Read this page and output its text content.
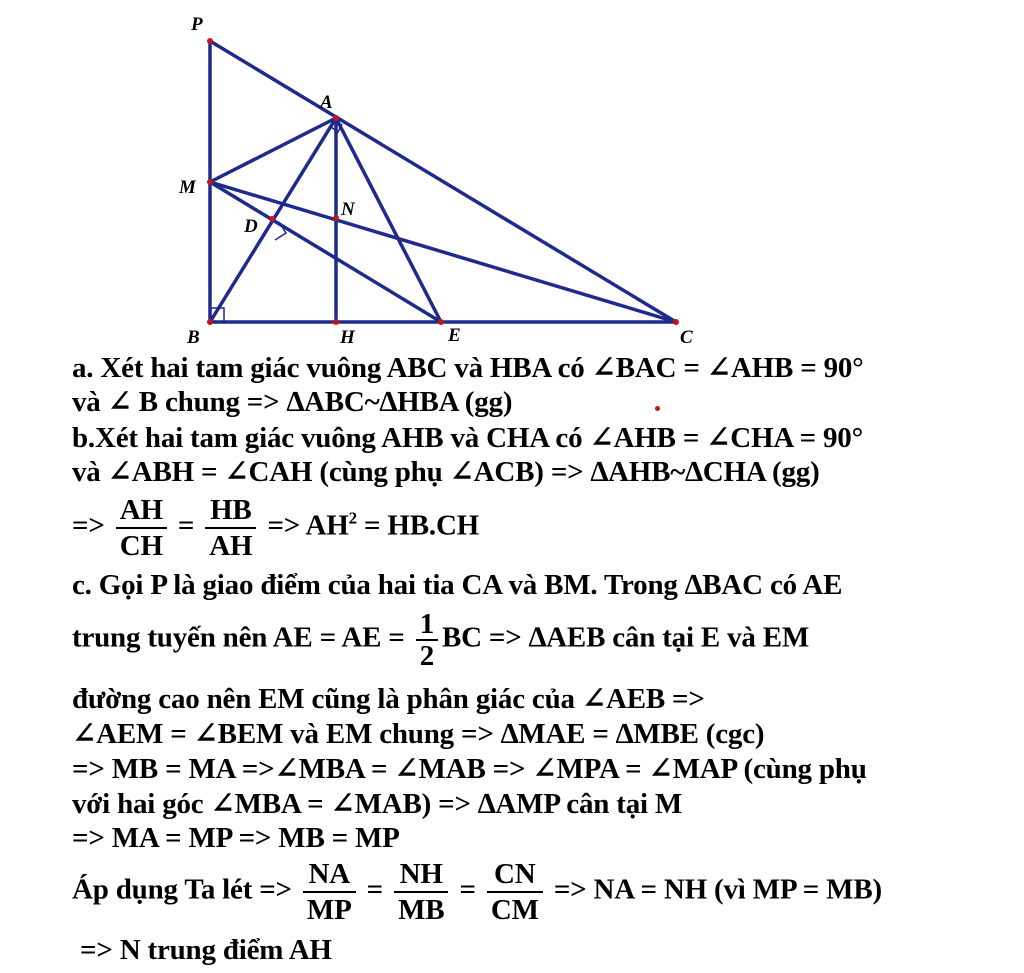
P
A
M
N
D
B	H	E	C
a. Xét hai tam giác vuông ABC và HBA có ∠BAC = ∠AHB = 90°
và ∠ B chung => ∆ABC~∆HBA (gg)
b.Xét hai tam giác vuông AHB và CHA có ∠AHB = ∠CHA = 90°
và ∠ABH = ∠CAH (cùng phụ ∠ACB) => ∆AHB~∆CHA (gg)
=> $\frac{AH}{CH} = \frac{HB}{AH} => AH^2 = HB.CH$
c. Gọi P là giao điểm của hai tia CA và BM. Trong ∆BAC có AE
trung tuyến nên AE = AE = $\frac{1}{2}$ BC => ∆AEB cân tại E và EM
đường cao nên EM cũng là phân giác của ∠AEB =>
∠AEM = ∠BEM và EM chung => ∆MAE = ∆MBE (cgc)
=> MB = MA =>∠MBA = ∠MAB => ∠MPA = ∠MAP (cùng phụ
với hai góc ∠MBA = ∠MAB) => ∆AMP cân tại M
=> MA = MP => MB = MP
Áp dụng Ta lét => $\frac{NA}{MP} = \frac{NH}{MB} = \frac{CN}{CM}$ => NA = NH (vì MP = MB)
=> N trung điểm AH
